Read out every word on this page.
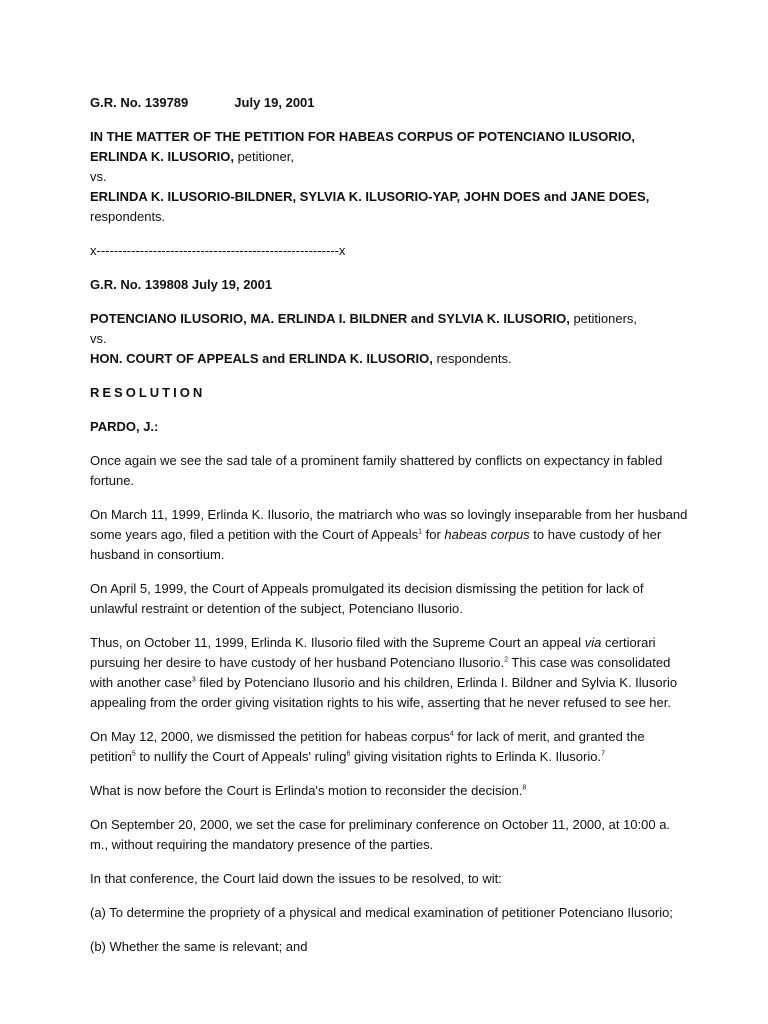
G.R. No. 139789	July 19, 2001

IN THE MATTER OF THE PETITION FOR HABEAS CORPUS OF POTENCIANO ILUSORIO, ERLINDA K. ILUSORIO, petitioner,
vs.
ERLINDA K. ILUSORIO-BILDNER, SYLVIA K. ILUSORIO-YAP, JOHN DOES and JANE DOES, respondents.

x--------------------------------------------------------x

G.R. No. 139808 July 19, 2001

POTENCIANO ILUSORIO, MA. ERLINDA I. BILDNER and SYLVIA K. ILUSORIO, petitioners,
vs.
HON. COURT OF APPEALS and ERLINDA K. ILUSORIO, respondents.

RESOLUTION

PARDO, J.:

Once again we see the sad tale of a prominent family shattered by conflicts on expectancy in fabled fortune.

On March 11, 1999, Erlinda K. Ilusorio, the matriarch who was so lovingly inseparable from her husband some years ago, filed a petition with the Court of Appeals$^1$ for habeas corpus to have custody of her husband in consortium.

On April 5, 1999, the Court of Appeals promulgated its decision dismissing the petition for lack of unlawful restraint or detention of the subject, Potenciano Ilusorio.

Thus, on October 11, 1999, Erlinda K. Ilusorio filed with the Supreme Court an appeal via certiorari pursuing her desire to have custody of her husband Potenciano Ilusorio.$^2$ This case was consolidated with another case$^3$ filed by Potenciano Ilusorio and his children, Erlinda I. Bildner and Sylvia K. Ilusorio appealing from the order giving visitation rights to his wife, asserting that he never refused to see her.

On May 12, 2000, we dismissed the petition for habeas corpus$^4$ for lack of merit, and granted the petition$^5$ to nullify the Court of Appeals' ruling$^6$ giving visitation rights to Erlinda K. Ilusorio.$^7$

What is now before the Court is Erlinda's motion to reconsider the decision.$^8$

On September 20, 2000, we set the case for preliminary conference on October 11, 2000, at 10:00 a. m., without requiring the mandatory presence of the parties.

In that conference, the Court laid down the issues to be resolved, to wit:

(a) To determine the propriety of a physical and medical examination of petitioner Potenciano Ilusorio;

(b) Whether the same is relevant; and
